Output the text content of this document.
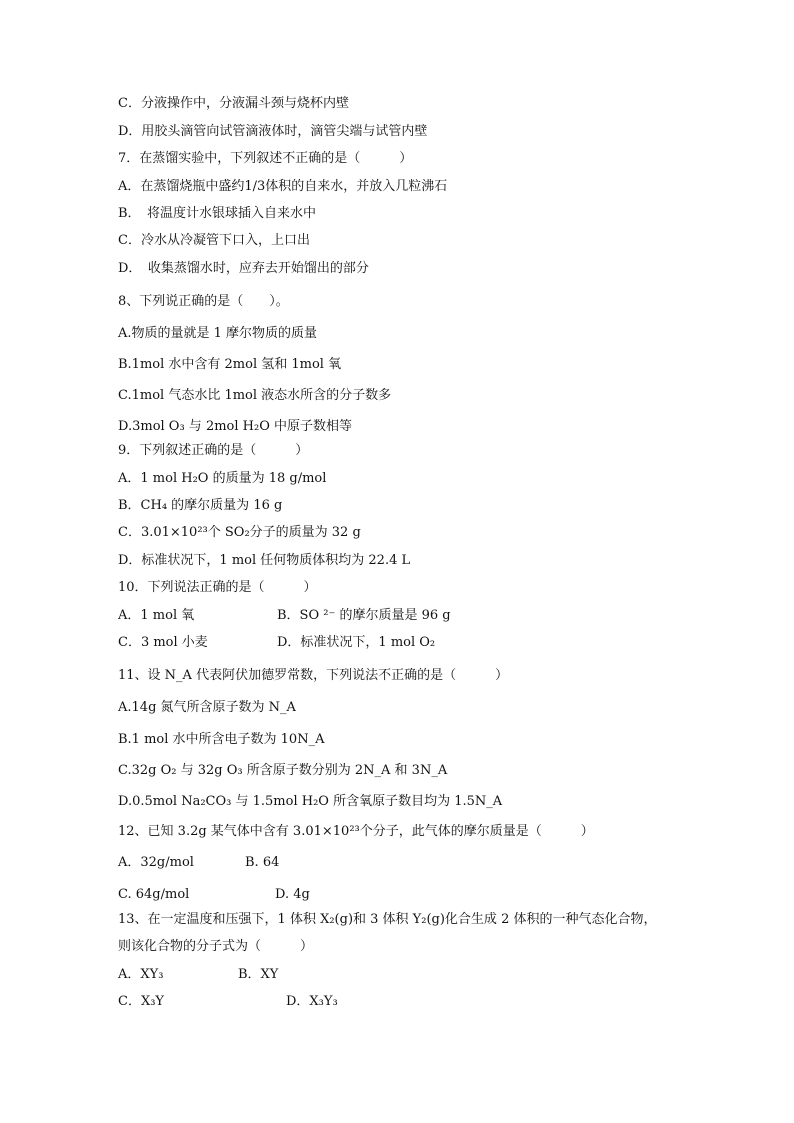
C．分液操作中，分液漏斗颈与烧杯内壁
D．用胶头滴管向试管滴液体时，滴管尖端与试管内壁
7．在蒸馏实验中，下列叙述不正确的是（　　　）
A．在蒸馏烧瓶中盛约1/3体积的自来水，并放入几粒沸石
B．　将温度计水银球插入自来水中
C．冷水从冷凝管下口入，上口出
D．　收集蒸馏水时，应弃去开始馏出的部分
8、下列说正确的是（　　）。
A.物质的量就是 1 摩尔物质的质量
B.1mol 水中含有 2mol 氢和 1mol 氧
C.1mol 气态水比 1mol 液态水所含的分子数多
D.3mol O₃ 与 2mol H₂O 中原子数相等
9．下列叙述正确的是（　　　）
A．1 mol H₂O 的质量为 18 g/mol
B．CH₄ 的摩尔质量为 16 g
C．3.01×10²³个 SO₂分子的质量为 32 g
D．标准状况下，1 mol 任何物质体积均为 22.4 L
10．下列说法正确的是（　　　）
A．1 mol 氧	B．SO ²⁻ 的摩尔质量是 96 g
C．3 mol 小麦	D．标准状况下，1 mol O₂
11、设 N_A 代表阿伏加德罗常数，下列说法不正确的是（　　　）
A.14g 氮气所含原子数为 N_A
B.1 mol 水中所含电子数为 10N_A
C.32g O₂ 与 32g O₃ 所含原子数分别为 2N_A 和 3N_A
D.0.5mol Na₂CO₃ 与 1.5mol H₂O 所含氧原子数目均为 1.5N_A
12、已知 3.2g 某气体中含有 3.01×10²³个分子，此气体的摩尔质量是（　　　）
A．32g/mol	B. 64
C. 64g/mol	D. 4g
13、在一定温度和压强下，1 体积 X₂(g)和 3 体积 Y₂(g)化合生成 2 体积的一种气态化合物，
则该化合物的分子式为（　　　）
A．XY₃	B．XY
C．X₃Y	D．X₃Y₃
